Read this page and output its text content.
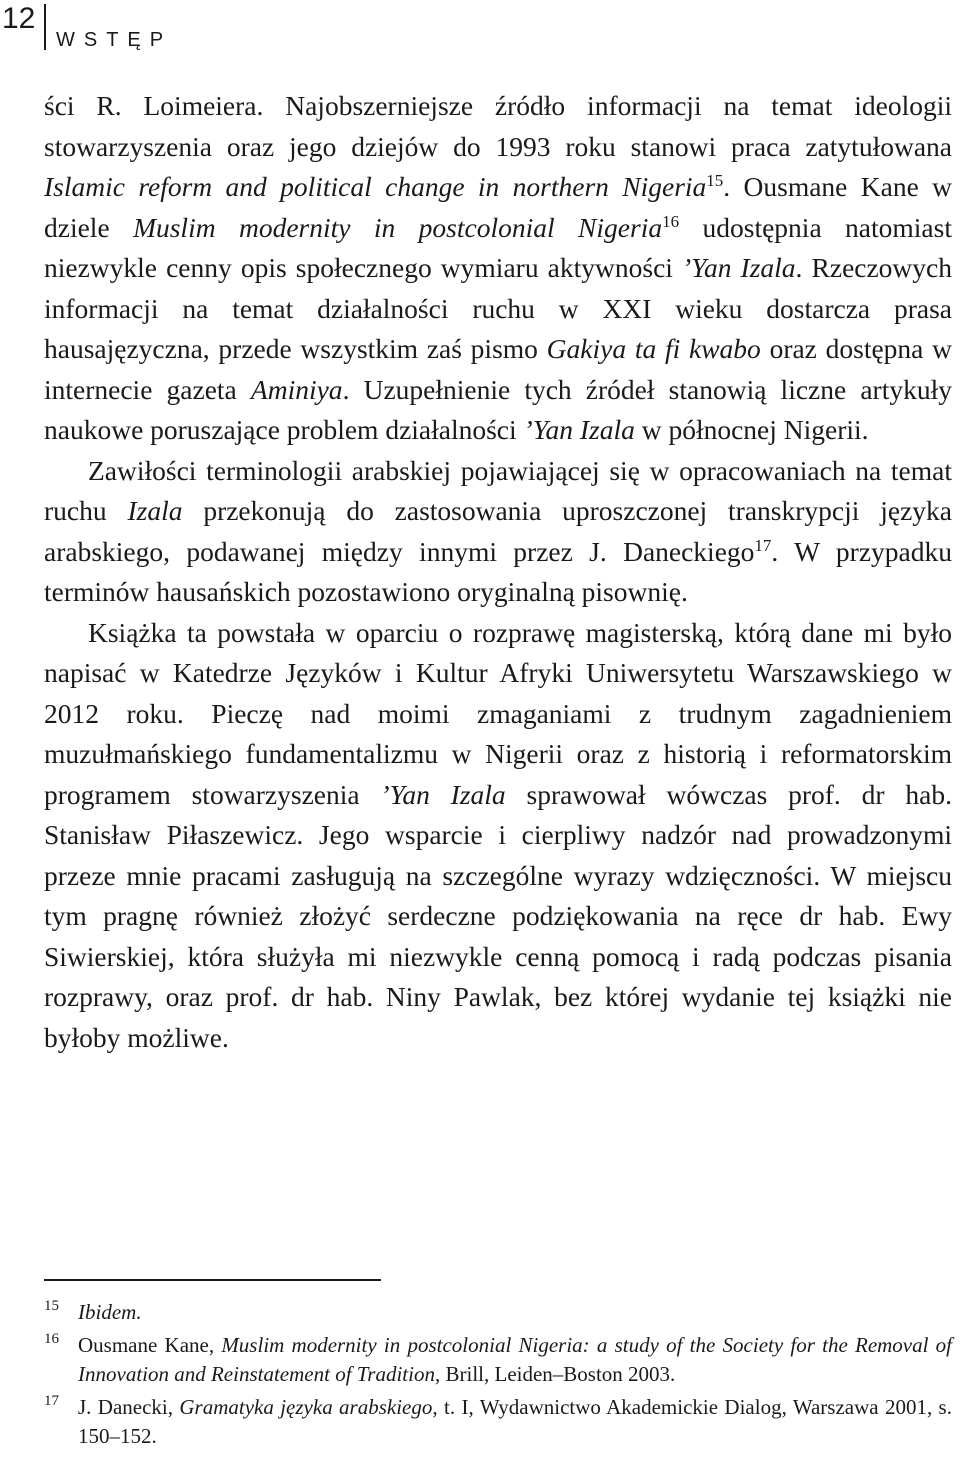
12
WSTĘP

ści R. Loimeiera. Najobszerniejsze źródło informacji na temat ideologii stowarzyszenia oraz jego dziejów do 1993 roku stanowi praca zatytułowana Islamic reform and political change in northern Nigeria$^{15}$. Ousmane Kane w dziele Muslim modernity in postcolonial Nigeria$^{16}$ udostępnia natomiast niezwykle cenny opis społecznego wymiaru aktywności ’Yan Izala. Rzeczowych informacji na temat działalności ruchu w XXI wieku dostarcza prasa hausajęzyczna, przede wszystkim zaś pismo Gakiya ta fi kwabo oraz dostępna w internecie gazeta Aminiya. Uzupełnienie tych źródeł stanowią liczne artykuły naukowe poruszające problem działalności ’Yan Izala w północnej Nigerii.

Zawiłości terminologii arabskiej pojawiającej się w opracowaniach na temat ruchu Izala przekonują do zastosowania uproszczonej transkrypcji języka arabskiego, podawanej między innymi przez J. Daneckiego$^{17}$. W przypadku terminów hausańskich pozostawiono oryginalną pisownię.

Książka ta powstała w oparciu o rozprawę magisterską, którą dane mi było napisać w Katedrze Języków i Kultur Afryki Uniwersytetu Warszawskiego w 2012 roku. Pieczę nad moimi zmaganiami z trudnym zagadnieniem muzułmańskiego fundamentalizmu w Nigerii oraz z historią i reformatorskim programem stowarzyszenia ’Yan Izala sprawował wówczas prof. dr hab. Stanisław Piłaszewicz. Jego wsparcie i cierpliwy nadzór nad prowadzonymi przeze mnie pracami zasługują na szczególne wyrazy wdzięczności. W miejscu tym pragnę również złożyć serdeczne podziękowania na ręce dr hab. Ewy Siwierskiej, która służyła mi niezwykle cenną pomocą i radą podczas pisania rozprawy, oraz prof. dr hab. Niny Pawlak, bez której wydanie tej książki nie byłoby możliwe.

15 Ibidem.
16 Ousmane Kane, Muslim modernity in postcolonial Nigeria: a study of the Society for the Removal of Innovation and Reinstatement of Tradition, Brill, Leiden–Boston 2003.
17 J. Danecki, Gramatyka języka arabskiego, t. I, Wydawnictwo Akademickie Dialog, Warszawa 2001, s. 150–152.
